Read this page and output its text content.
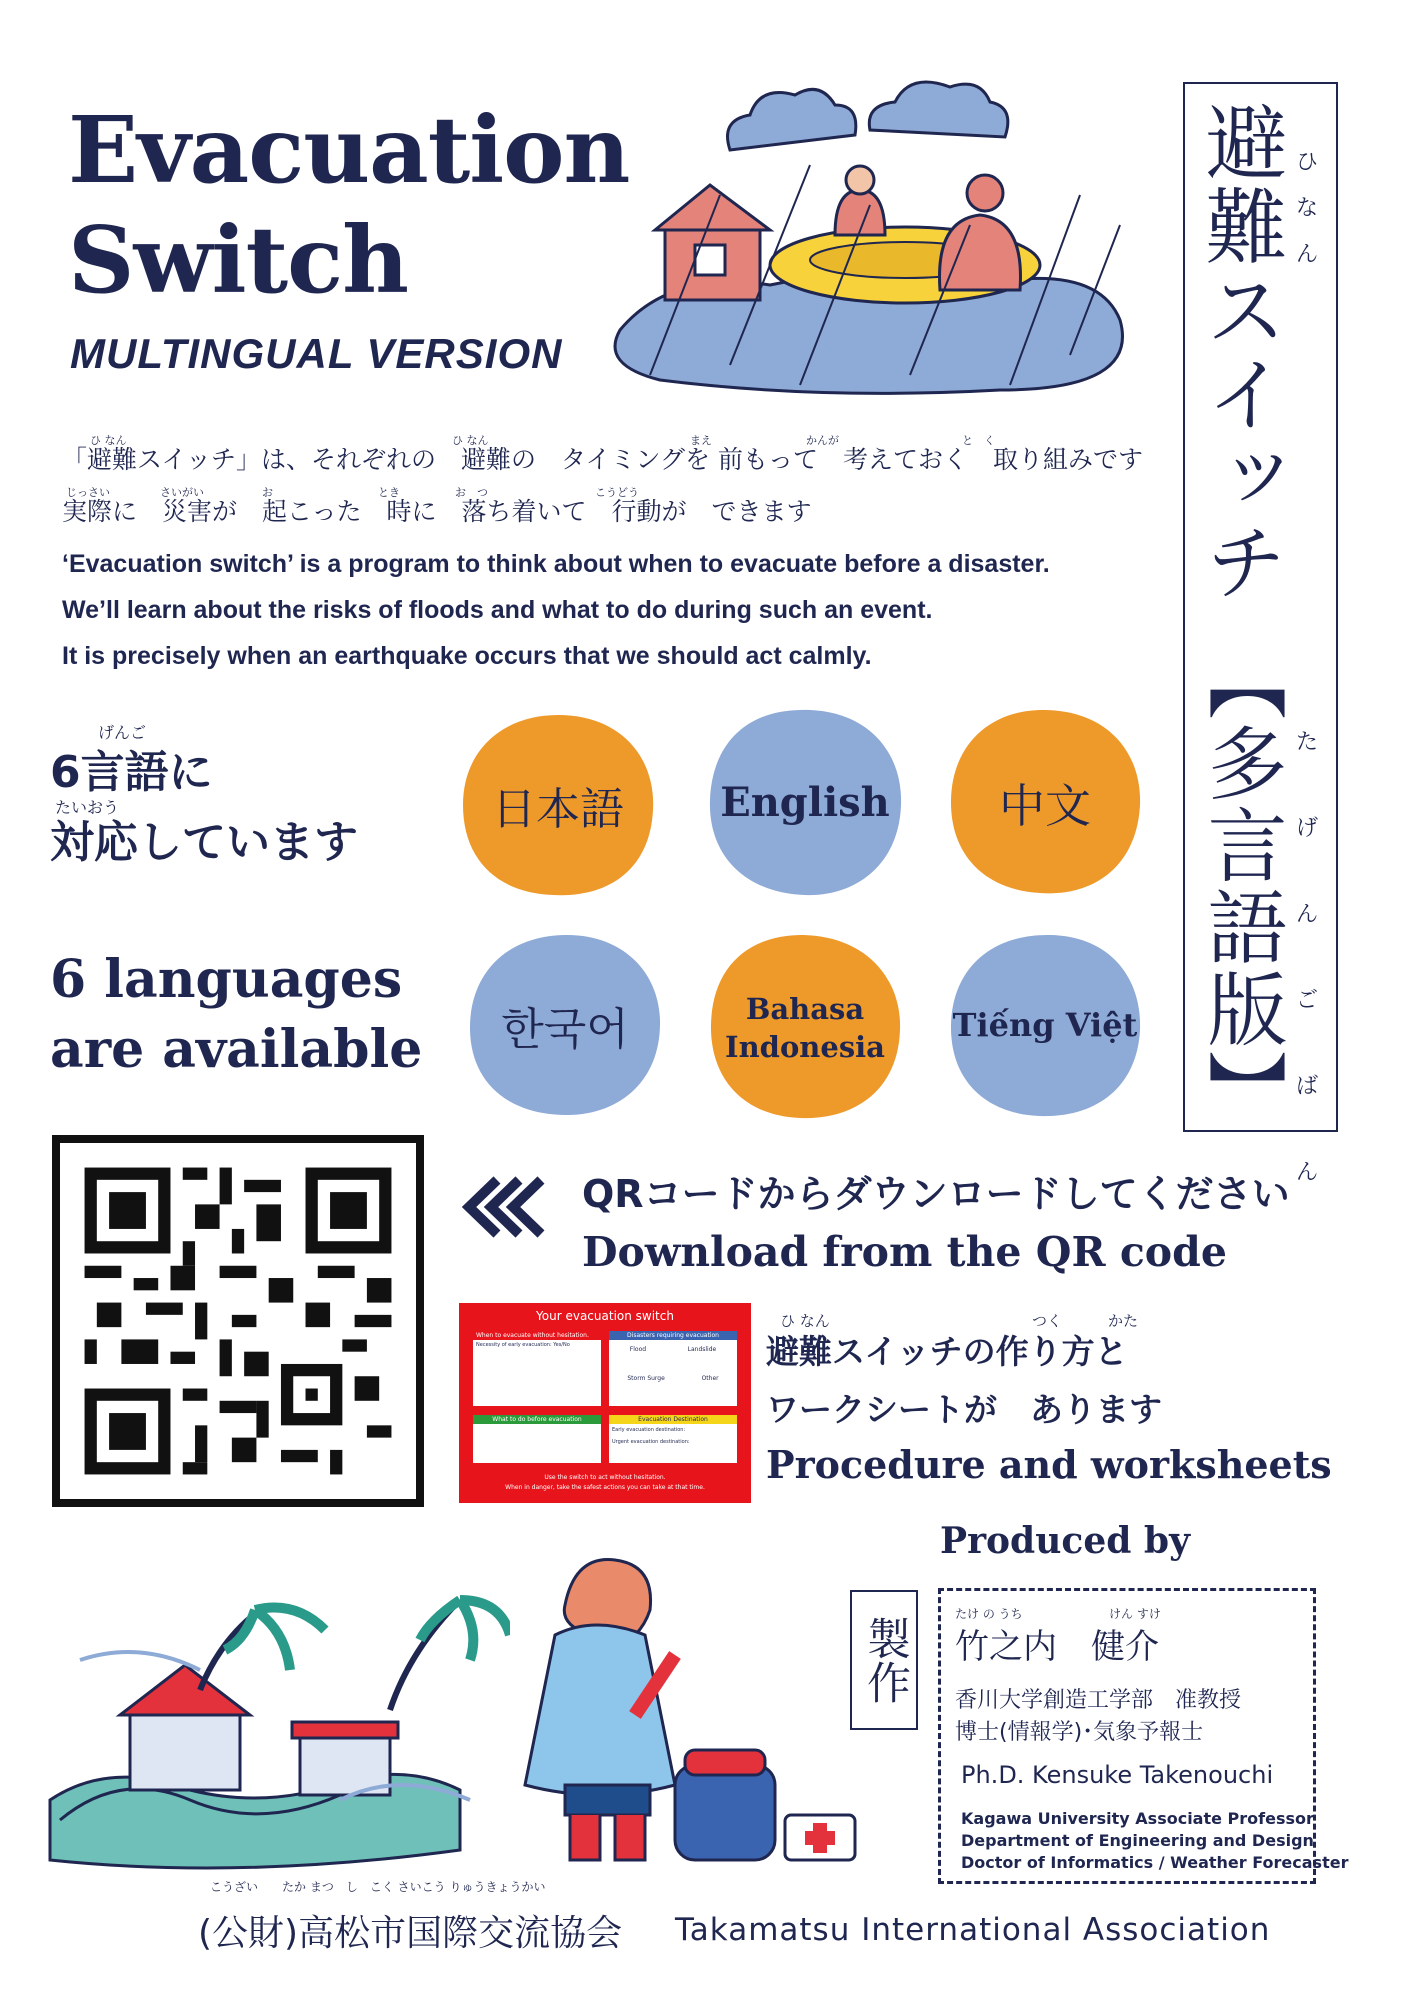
Evacuation
Switch
MULTINGUAL VERSION	避難スイッチ
【多言語版】
ひ
なん
た
げん
ご
ばん
ひ なん	ひ なん	まえ	かんが	と　く
「避難スイッチ」は、それぞれの　避難の　タイミングを 前もって　考えておく　取り組みです
じっさい	さいがい	お	とき	お　つ	こうどう
実際に　災害が　起こった　時に　落ち着いて　行動が　できます
‘Evacuation switch’ is a program to think about when to evacuate before a disaster.
We’ll learn about the risks of floods and what to do during such an event.
It is precisely when an earthquake occurs that we should act calmly.
げんご
たいおう
6言語に
対応しています
6 languages
are available
日本語 English 中文
한국어	Bahasa Indonesia
Tiếng Việt
QRコードからダウンロードしてください
Download from the QR code
Your evacuation switch
When to evacuate without hesitation.
Necessity of early evacuation: Yes/No
Disasters requiring evacuation
Flood	Landslide
Storm Surge	Other
What to do before evacuation	Evacuation Destination
Early evacuation destination:
Urgent evacuation destination:
Use the switch to act without hesitation.
When in danger, take the safest actions you can take at that time.
ひ なん	つく	かた
避難スイッチの作り方と
ワークシートが　あります
Procedure and worksheets
Produced by
製作
たけ の うち	けん すけ
竹之内　健介
香川大学創造工学部　准教授
博士(情報学)･気象予報士
Ph.D. Kensuke Takenouchi
Kagawa University Associate Professor
Department of Engineering and Design
Doctor of Informatics / Weather Forecaster
こうざい　　たか まつ　し　こく さいこう りゅうきょうかい
(公財)高松市国際交流協会 Takamatsu International Association
